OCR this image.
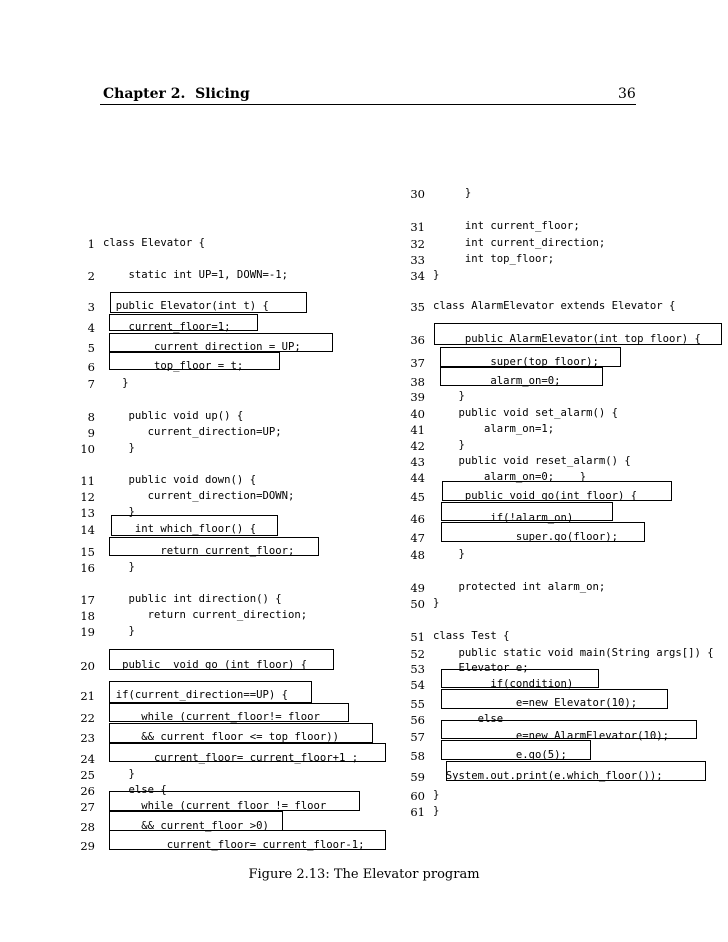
Chapter 2.  Slicing	36
1 class Elevator {
2 static int UP=1, DOWN=-1;
3 public Elevator(int t) {
4 current_floor=1;
5 current_direction = UP;
6 top_floor = t;
7 }
8 public void up() {
9 current_direction=UP;
10 }
11 public void down() {
12 current_direction=DOWN;
13 }
14 int which_floor() {
15 return current_floor;
16 }
17 public int direction() {
18 return current_direction;
19 }
20 public  void go (int floor) {
21 if(current_direction==UP) {
22 while (current_floor!= floor
23 && current_floor <= top_floor))
24 current_floor= current_floor+1 ;
25 }
26 else {
27 while (current_floor != floor
28 && current_floor >0)
29 current_floor= current_floor-1;
30 }
31 int current_floor;
32 int current_direction;
33 int top_floor;
34 }
35 class AlarmElevator extends Elevator {
36 public AlarmElevator(int top_floor) {
37 super(top_floor);
38 alarm_on=0;
39 }
40 public void set_alarm() {
41 alarm_on=1;
42 }
43 public void reset_alarm() {
44 alarm_on=0;    }
45 public void go(int floor) {
46 if(!alarm_on)
47 super.go(floor);
48 }
49 protected int alarm_on;
50 }
51 class Test {
52 public static void main(String args[]) {
53 Elevator e;
54 if(condition)
55 e=new Elevator(10);
56 else
57 e=new AlarmElevator(10);
58 e.go(5);
59 System.out.print(e.which_floor());
60 }
61 }
Figure 2.13: The Elevator program
